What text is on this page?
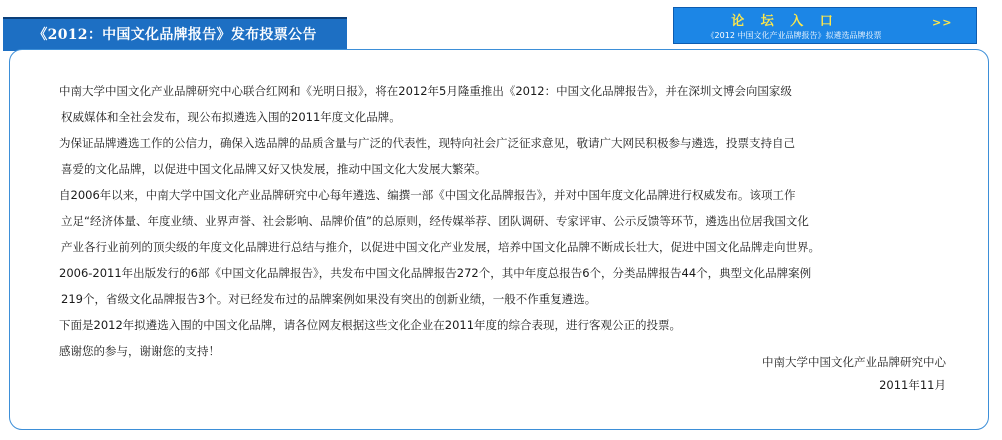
《2012：中国文化品牌报告》发布投票公告
论 坛 入 口
《2012 中国文化产业品牌报告》拟遴选品牌投票
>>

中南大学中国文化产业品牌研究中心联合红网和《光明日报》，将在2012年5月隆重推出《2012：中国文化品牌报告》，并在深圳文博会向国家级
权威媒体和全社会发布，现公布拟遴选入围的2011年度文化品牌。

为保证品牌遴选工作的公信力，确保入选品牌的品质含量与广泛的代表性，现特向社会广泛征求意见，敬请广大网民积极参与遴选，投票支持自己
喜爱的文化品牌，以促进中国文化品牌又好又快发展，推动中国文化大发展大繁荣。

自2006年以来，中南大学中国文化产业品牌研究中心每年遴选、编撰一部《中国文化品牌报告》，并对中国年度文化品牌进行权威发布。该项工作
立足“经济体量、年度业绩、业界声誉、社会影响、品牌价值”的总原则，经传媒举荐、团队调研、专家评审、公示反馈等环节，遴选出位居我国文化
产业各行业前列的顶尖级的年度文化品牌进行总结与推介，以促进中国文化产业发展，培养中国文化品牌不断成长壮大，促进中国文化品牌走向世界。

2006-2011年出版发行的6部《中国文化品牌报告》，共发布中国文化品牌报告272个，其中年度总报告6个，分类品牌报告44个，典型文化品牌案例
219个，省级文化品牌报告3个。对已经发布过的品牌案例如果没有突出的创新业绩，一般不作重复遴选。

下面是2012年拟遴选入围的中国文化品牌，请各位网友根据这些文化企业在2011年度的综合表现，进行客观公正的投票。

感谢您的参与，谢谢您的支持！

中南大学中国文化产业品牌研究中心
2011年11月
